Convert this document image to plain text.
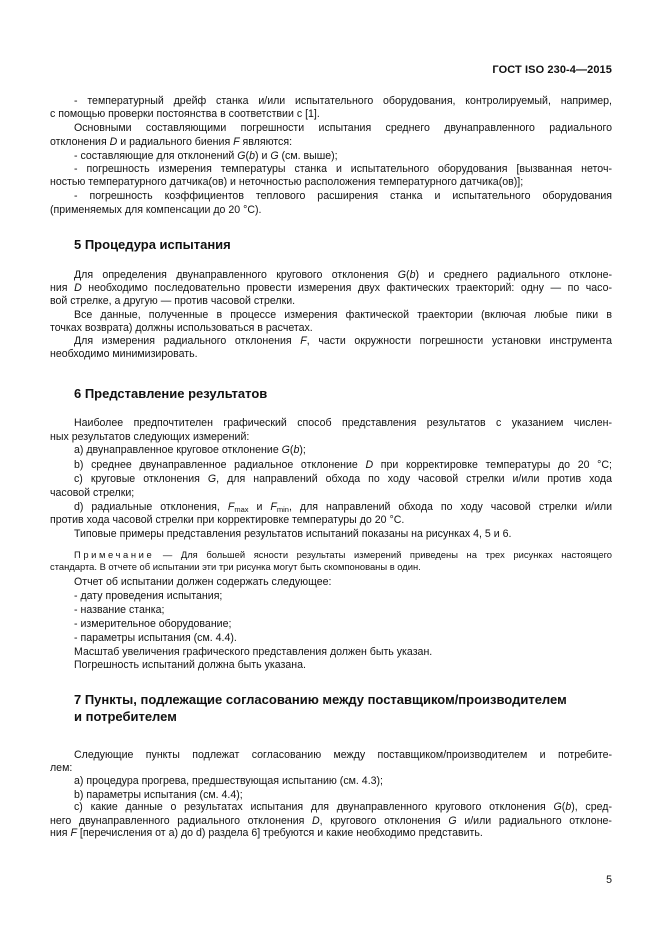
ГОСТ ISO 230-4—2015
5 Процедура испытания
6 Представление результатов
7 Пункты, подлежащие согласованию между поставщиком/производителем
и потребителем
- температурный дрейф станка и/или испытательного оборудования, контролируемый, например,
с помощью проверки постоянства в соответствии с [1].
Основными составляющими погрешности испытания среднего двунаправленного радиального
отклонения D и радиального биения F являются:
- составляющие для отклонений G(b) и G (см. выше);
- погрешность измерения температуры станка и испытательного оборудования [вызванная неточ-
ностью температурного датчика(ов) и неточностью расположения температурного датчика(ов)];
- погрешность коэффициентов теплового расширения станка и испытательного оборудования
(применяемых для компенсации до 20 °C).
Для определения двунаправленного кругового отклонения G(b) и среднего радиального отклоне-
ния D необходимо последовательно провести измерения двух фактических траекторий: одну — по часо-
вой стрелке, а другую — против часовой стрелки.
Все данные, полученные в процессе измерения фактической траектории (включая любые пики в
точках возврата) должны использоваться в расчетах.
Для измерения радиального отклонения F, части окружности погрешности установки инструмента
необходимо минимизировать.
Наиболее предпочтителен графический способ представления результатов с указанием числен-
ных результатов следующих измерений:
a) двунаправленное круговое отклонение G(b);
b) среднее двунаправленное радиальное отклонение D при корректировке температуры до 20 °C;
c) круговые отклонения G, для направлений обхода по ходу часовой стрелки и/или против хода
часовой стрелки;
d) радиальные отклонения, $F_{max}$ и $F_{min}$, для направлений обхода по ходу часовой стрелки и/или
против хода часовой стрелки при корректировке температуры до 20 °C.
Типовые примеры представления результатов испытаний показаны на рисунках 4, 5 и 6.
Примечание — Для большей ясности результаты измерений приведены на трех рисунках настоящего
стандарта. В отчете об испытании эти три рисунка могут быть скомпонованы в один.
Отчет об испытании должен содержать следующее:
- дату проведения испытания;
- название станка;
- измерительное оборудование;
- параметры испытания (см. 4.4).
Масштаб увеличения графического представления должен быть указан.
Погрешность испытаний должна быть указана.
Следующие пункты подлежат согласованию между поставщиком/производителем и потребите-
лем:
a) процедура прогрева, предшествующая испытанию (см. 4.3);
b) параметры испытания (см. 4.4);
c) какие данные о результатах испытания для двунаправленного кругового отклонения G(b), сред-
него двунаправленного радиального отклонения D, кругового отклонения G и/или радиального отклоне-
ния F [перечисления от a) до d) раздела 6] требуются и какие необходимо представить.
5
